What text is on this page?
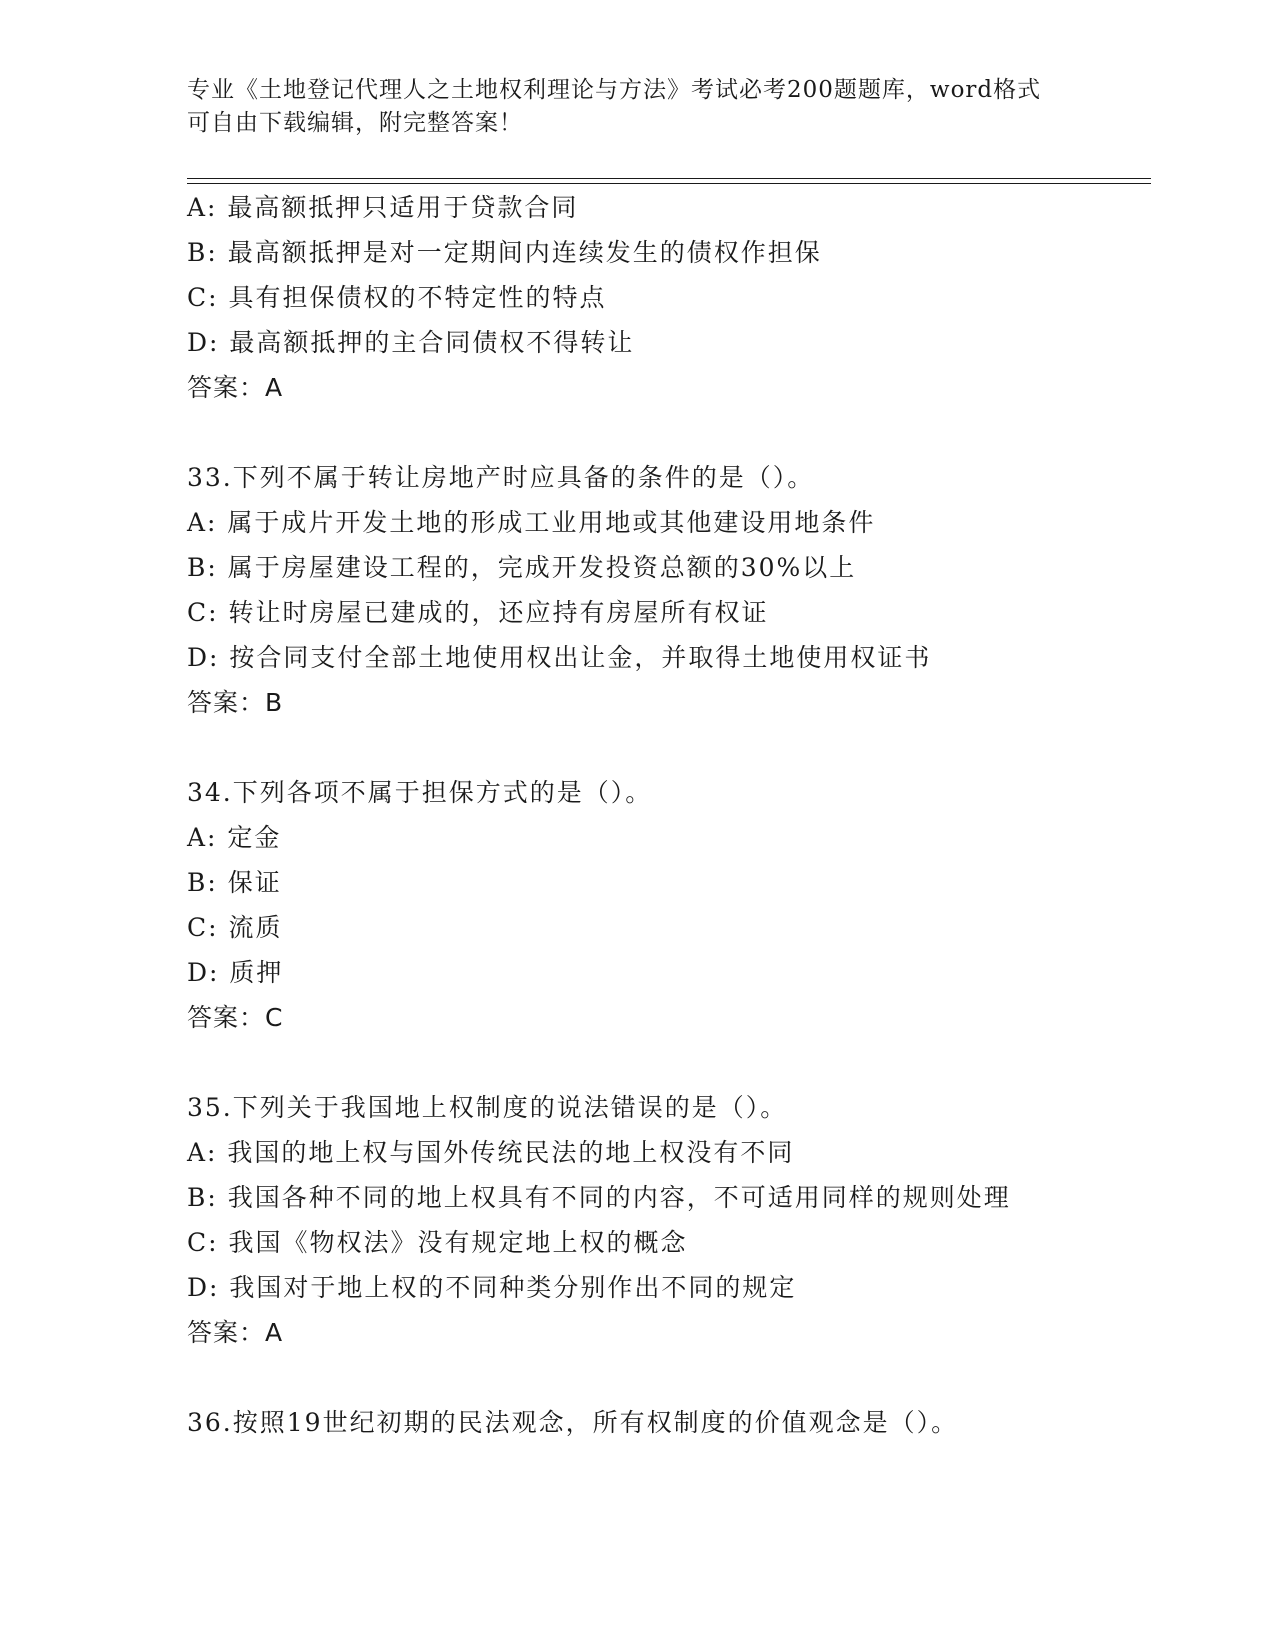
专业《土地登记代理人之土地权利理论与方法》考试必考200题题库，word格式
可自由下载编辑，附完整答案！
A: 最高额抵押只适用于贷款合同
B: 最高额抵押是对一定期间内连续发生的债权作担保
C: 具有担保债权的不特定性的特点
D: 最高额抵押的主合同债权不得转让
答案：A
33.下列不属于转让房地产时应具备的条件的是（）。
A: 属于成片开发土地的形成工业用地或其他建设用地条件
B: 属于房屋建设工程的，完成开发投资总额的30%以上
C: 转让时房屋已建成的，还应持有房屋所有权证
D: 按合同支付全部土地使用权出让金，并取得土地使用权证书
答案：B
34.下列各项不属于担保方式的是（）。
A: 定金
B: 保证
C: 流质
D: 质押
答案：C
35.下列关于我国地上权制度的说法错误的是（）。
A: 我国的地上权与国外传统民法的地上权没有不同
B: 我国各种不同的地上权具有不同的内容，不可适用同样的规则处理
C: 我国《物权法》没有规定地上权的概念
D: 我国对于地上权的不同种类分别作出不同的规定
答案：A
36.按照19世纪初期的民法观念，所有权制度的价值观念是（）。
